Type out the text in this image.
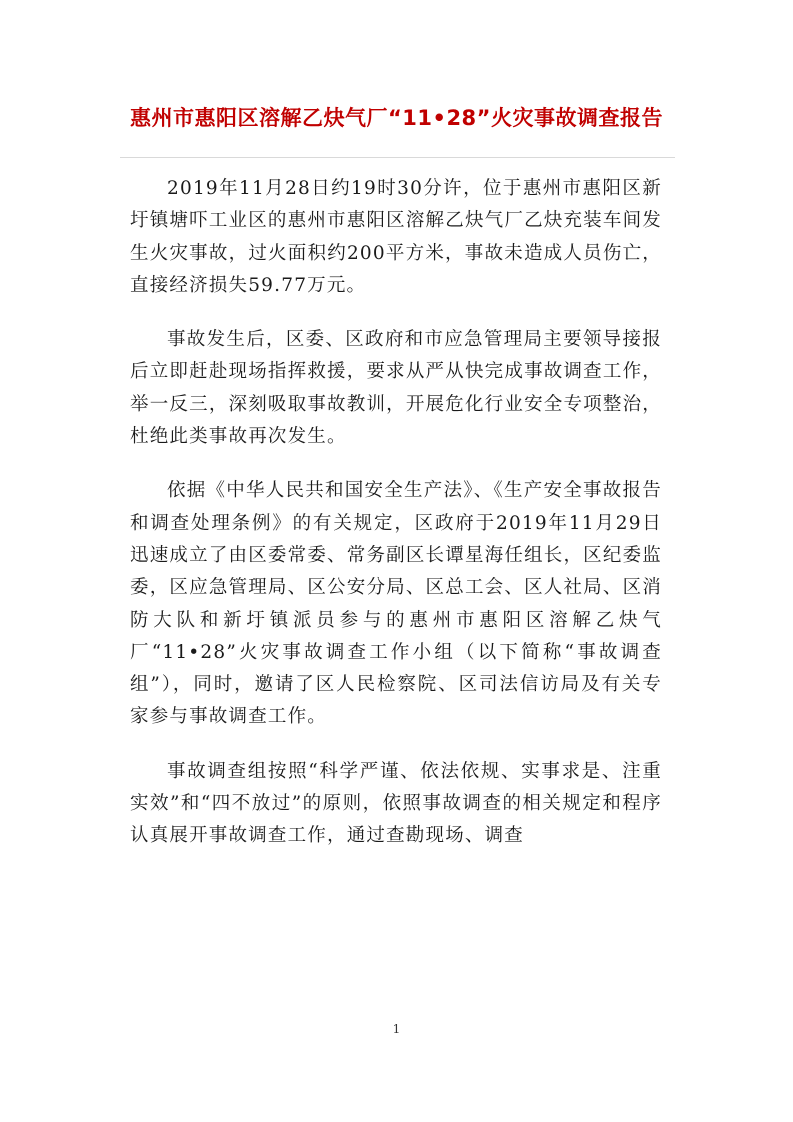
惠州市惠阳区溶解乙炔气厂“11•28”火灾事故调查报告

2019年11月28日约19时30分许，位于惠州市惠阳区新圩镇塘吓工业区的惠州市惠阳区溶解乙炔气厂乙炔充装车间发生火灾事故，过火面积约200平方米，事故未造成人员伤亡，直接经济损失59.77万元。

事故发生后，区委、区政府和市应急管理局主要领导接报后立即赶赴现场指挥救援，要求从严从快完成事故调查工作，举一反三，深刻吸取事故教训，开展危化行业安全专项整治，杜绝此类事故再次发生。

依据《中华人民共和国安全生产法》、《生产安全事故报告和调查处理条例》的有关规定，区政府于2019年11月29日迅速成立了由区委常委、常务副区长谭星海任组长，区纪委监委，区应急管理局、区公安分局、区总工会、区人社局、区消防大队和新圩镇派员参与的惠州市惠阳区溶解乙炔气厂“11•28”火灾事故调查工作小组（以下简称“事故调查组”），同时，邀请了区人民检察院、区司法信访局及有关专家参与事故调查工作。

事故调查组按照“科学严谨、依法依规、实事求是、注重实效”和“四不放过”的原则，依照事故调查的相关规定和程序认真展开事故调查工作，通过查勘现场、调查

1
